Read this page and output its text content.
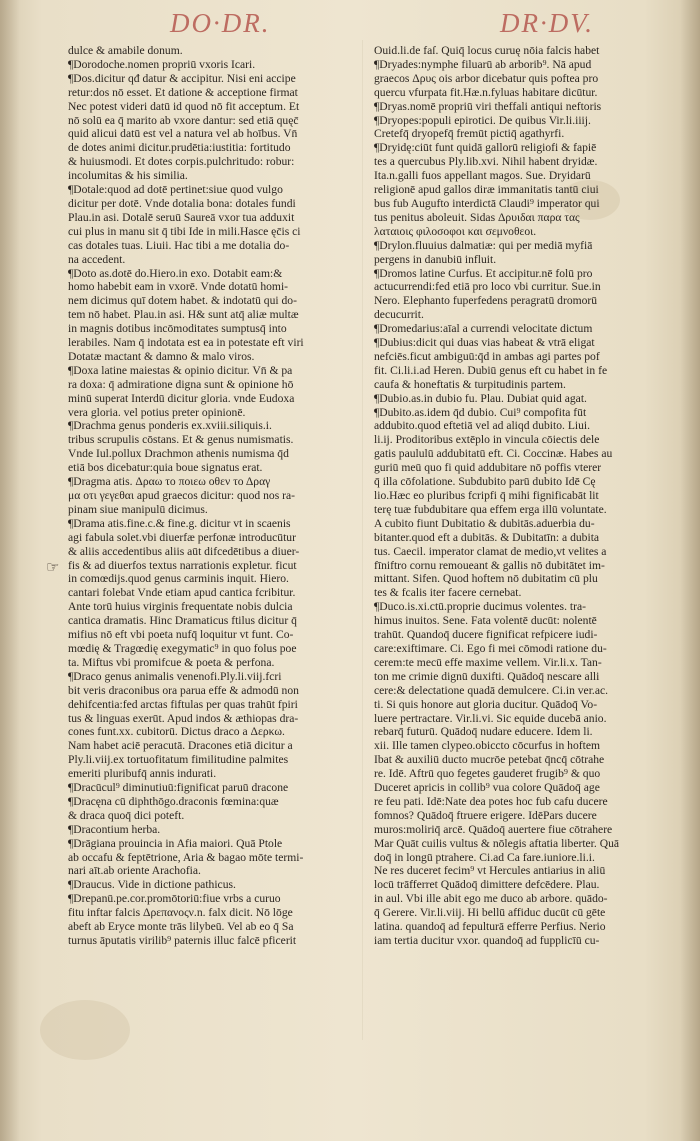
DO·DR.	DR·DV.
☞
dulce & amabile donum.
¶Dorodoche.nomen propriū vxoris Icari.
¶Dos.dicitur qđ datur & accipitur. Nisi eni accipe
retur:dos nō esset. Et datione & acceptione firmat
Nec potest videri datū id quod nō fit acceptum. Et
nō solū ea q̄ marito ab vxore dantur: sed etiā quęc̄
quid alicui datū est vel a natura vel ab hoībus. Vn̄
de dotes animi dicitur.prudētia:iustitia: fortitudo
& huiusmodi. Et dotes corpis.pulchritudo: robur:
incolumitas & his similia.
¶Dotale:quod ad dotē pertinet:siue quod vulgo
dicitur per dotē. Vnde dotalia bona: dotales fundi
Plau.in asi. Dotalē seruū Saureā vxor tua adduxit
cui plus in manu sit q̄ tibi Ide in mili.Hasce ęc̄is ci
cas dotales tuas. Liuii. Hac tibi a me dotalia do-
na accedent.
¶Doto as.dotē do.Hiero.in exo. Dotabit eam:&
homo habebit eam in vxorē. Vnde dotatū homi-
nem dicimus quī dotem habet. & indotatū qui do-
tem nō habet. Plau.in asi. H& sunt atq̄ aliæ multæ
in magnis dotibus incōmoditates sumptusq̄ into
lerabiles. Nam q̄ indotata est ea in potestate eft viri
Dotatæ mactant & damno & malo viros.
¶Doxa latine maiestas & opinio dicitur. Vn̄ & pa
ra doxa: q̄ admiratione digna sunt & opinione hō
minū superat Interdū dicitur gloria. vnde Eudoxa
vera gloria. vel potius preter opinionē.
¶Drachma genus ponderis ex.xviii.siliquis.i.
tribus scrupulis cōstans. Et & genus numismatis.
Vnde Iul.pollux Drachmon athenis numisma q̄d
etiā bos dicebatur:quia boue signatus erat.
¶Dragma atis. Δραω το ποιεω οθεν το Δραγ
μα οτι γεγεθαι apud graecos dicitur: quod nos ra-
pinam siue manipulū dicimus.
¶Drama atis.fine.c.& fine.g. dicitur vt in scaenis
agi fabula solet.vbi diuerfæ perfonæ introducūtur
& aliis accedentibus aliis aūt difcedētibus a diuer-
fis & ad diuerfos textus narrationis expletur. ficut
in comœdijs.quod genus carminis inquit. Hiero.
cantari folebat Vnde etiam apud cantica fcribitur.
Ante torū huius virginis frequentate nobis dulcia
cantica dramatis. Hinc Dramaticus ftilus dicitur q̄
mifius nō eft vbi poeta nufq̄ loquitur vt funt. Co-
mœdię & Tragœdię exegymatic⁹ in quo folus poe
ta. Miftus vbi promifcue & poeta & perfona.
¶Draco genus animalis venenofi.Ply.li.viij.fcri
bit veris draconibus ora parua effe & admodū non
dehifcentia:fed arctas fiftulas per quas trahūt fpiri
tus & linguas exerūt. Apud indos & æthiopas dra-
cones funt.xx. cubitorū. Dictus draco a Δερκω.
Nam habet aciē peracutā. Dracones etiā dicitur a
Ply.li.viij.ex tortuofitatum fimilitudine palmites
emeriti pluribufq̄ annis indurati.
¶Dracūcul⁹ diminutiuū:fignificat paruū dracone
¶Dracęna cū diphthōgo.draconis fœmina:quæ
& draca quoq̄ dici poteft.
¶Dracontium herba.
¶Drāgiana prouincia in Afia maiori. Quā Ptole
ab occafu & feptētrione, Aria & bagao mōte termi-
nari aīt.ab oriente Arachofia.
¶Draucus. Vide in dictione pathicus.
¶Drepanū.pe.cor.promōtoriū:fiue vrbs a curuo
fitu inftar falcis Δρεπανοςν.n. falx dicit. Nō lōge
abeft ab Eryce monte trās lilybeū. Vel ab eo q̄ Sa
turnus āputatis virilib⁹ paternis illuc falcē pficerit
Ouid.li.de faſ. Quiq̄ locus curuę nōia falcis habet
¶Dryades:nymphe filuarū ab arborib⁹. Nā apud
graecos Δρυς ois arbor dicebatur quis poftea pro
quercu vfurpata fit.Hæ.n.fyluas habitare dicūtur.
¶Dryas.nomē propriū viri theffali antiqui neftoris
¶Dryopes:populi epirotici. De quibus Vir.li.iiij.
Cretefq̄ dryopefq̄ fremūt pictiq̄ agathyrfi.
¶Dryidę:ciūt funt quidā gallorū religiofi & fapiē
tes a quercubus Ply.lib.xvi. Nihil habent dryidæ.
Ita.n.galli fuos appellant magos. Sue. Dryidarū
religionē apud gallos diræ immanitatis tantū ciui
bus fub Augufto interdictā Claudi⁹ imperator qui
tus penitus aboleuit. Sidas Δρυιδαι παρα τας
λαταιοις φιλοσοφοι και σεμνοθεοι.
¶Drylon.fluuius dalmatiæ: qui per mediā myfiā
pergens in danubiū influit.
¶Dromos latine Curfus. Et accipitur.nē folū pro
actucurrendi:fed etiā pro loco vbi curritur. Sue.in
Nero. Elephanto fuperfedens peragratū dromorū
decucurrit.
¶Dromedarius:aīal a currendi velocitate dictum
¶Dubius:dicit qui duas vias habeat & vtrā eligat
nefciēs.ficut ambiguū:q̄d in ambas agi partes pof
fit. Ci.li.i.ad Heren. Dubiū genus eft cu habet in fe
caufa & honeftatis & turpitudinis partem.
¶Dubio.as.in dubio fu. Plau. Dubiat quid agat.
¶Dubito.as.idem q̄d dubio. Cui⁹ compofita fūt
addubito.quod eftetiā vel ad aliqd dubito. Liui.
li.ij. Proditoribus extēplo in vincula cōiectis dele
gatis paululū addubitatū eft. Ci. Coccinæ. Habes au
guriū meū quo fi quid addubitare nō poffis vterer
q̄ illa cōfolatione. Subdubito parū dubito Idē Cę
lio.Hæc eo pluribus fcripfi q̄ mihi fignificabāt lit
terę tuæ fubdubitare qua effem erga illū voluntate.
A cubito fiunt Dubitatio & dubitās.aduerbia du-
bitanter.quod eft a dubitās. & Dubitatīn: a dubita
tus. Caecil. imperator clamat de medio,vt velites a
fīniftro cornu remoueant & gallis nō dubitātet im-
mittant. Sifen. Quod hoftem nō dubitatim cū plu
tes & fcalis iter facere cernebat.
¶Duco.is.xi.ctū.proprie ducimus volentes. tra-
himus inuitos. Sene. Fata volentē ducūt: nolentē
trahūt. Quandoq̄ ducere fignificat refpicere iudi-
care:exiftimare. Ci. Ego fi mei cōmodi ratione du-
cerem:te mecū effe maxime vellem. Vir.li.x. Tan-
ton me crimie dignū duxifti. Quādoq̄ nescare alli
cere:& delectatione quadā demulcere. Ci.in ver.ac.
ti. Si quis honore aut gloria ducitur. Quādoq̄ Vo-
luere pertractare. Vir.li.vi. Sic equide ducebā anio.
rebarq̄ futurū. Quādoq̄ nudare educere. Idem li.
xii. Ille tamen clypeo.obiccto cōcurfus in hoftem
Ibat & auxiliū ducto mucrōe petebat q̄ncq̄ cōtrahe
re. Idē. Aftrū quo fegetes gauderet frugib⁹ & quo
Duceret apricis in collib⁹ vua colore Quādoq̄ age
re feu pati. Idē:Nate dea potes hoc fub cafu ducere
fomnos? Quādoq̄ ftruere erigere. IdēPars ducere
muros:moliriq̄ arcē. Quādoq̄ auertere fiue cōtrahere
Mar Quāt cuilis vultus & nōlegis aftatia liberter. Quā
doq̄ in longū ptrahere. Ci.ad Ca fare.iuniore.li.i.
Ne res duceret fecim⁹ vt Hercules antiarius in aliū
locū trāfferret Quādoq̄ dimittere defcēdere. Plau.
in aul. Vbi ille abit ego me duco ab arbore. quādo-
q̄ Gerere. Vir.li.viij. Hi bellū affiduc ducūt cū gēte
latina. quandoq̄ ad fepulturā efferre Perfius. Nerio
iam tertia ducitur vxor. quandoq̄ ad fupplicīū cu-
